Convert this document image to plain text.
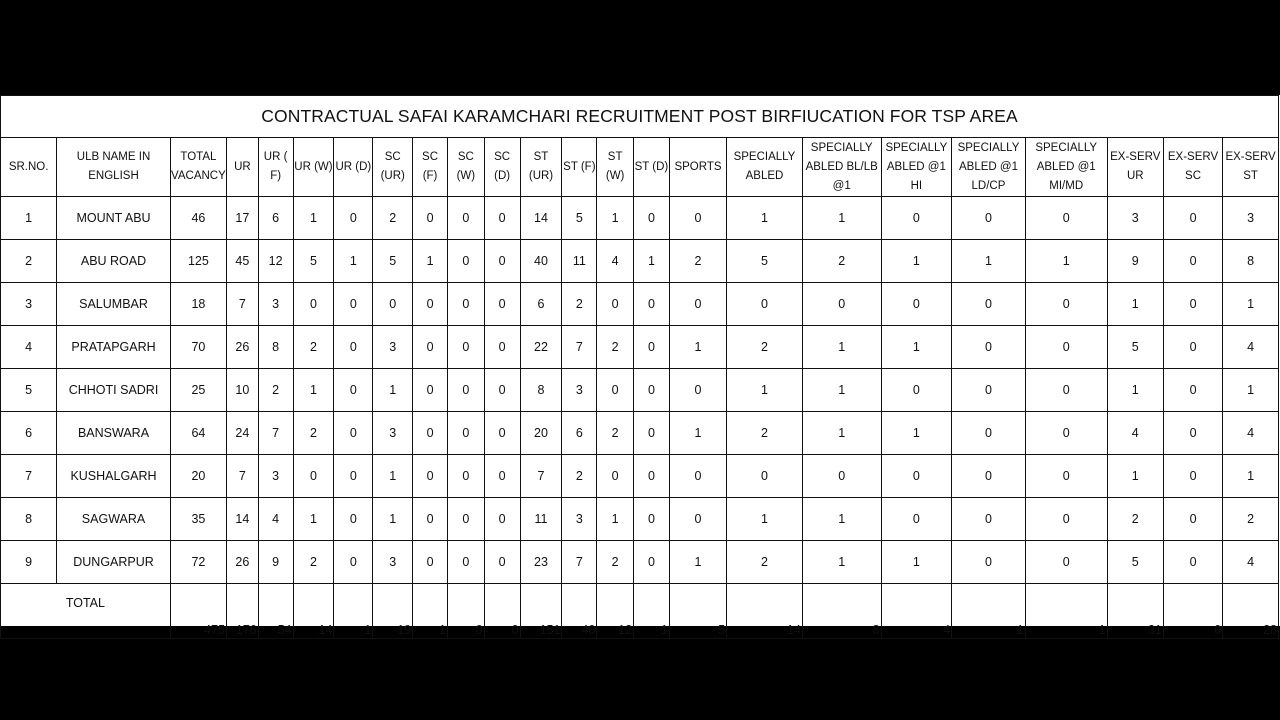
CONTRACTUAL SAFAI KARAMCHARI RECRUITMENT POST BIRFIUCATION FOR TSP AREA																							
SR.NO.	ULB NAME IN ENGLISH	TOTAL VACANCY	UR	UR ( F)	UR (W)	UR (D)	SC (UR)	SC (F)	SC (W)	SC (D)	ST (UR)	ST (F)	ST (W)	ST (D)	SPORTS	SPECIALLY ABLED	SPECIALLY ABLED BL/LB @1	SPECIALLY ABLED @1 HI	SPECIALLY ABLED @1 LD/CP	SPECIALLY ABLED @1 MI/MD	EX-SERV UR	EX-SERV SC	EX-SERV ST
1	MOUNT ABU	46	17	6	1	0	2	0	0	0	14	5	1	0	0	1	1	0	0	0	3	0	3
2	ABU ROAD	125	45	12	5	1	5	1	0	0	40	11	4	1	2	5	2	1	1	1	9	0	8
3	SALUMBAR	18	7	3	0	0	0	0	0	0	6	2	0	0	0	0	0	0	0	0	1	0	1
4	PRATAPGARH	70	26	8	2	0	3	0	0	0	22	7	2	0	1	2	1	1	0	0	5	0	4
5	CHHOTI SADRI	25	10	2	1	0	1	0	0	0	8	3	0	0	0	1	1	0	0	0	1	0	1
6	BANSWARA	64	24	7	2	0	3	0	0	0	20	6	2	0	1	2	1	1	0	0	4	0	4
7	KUSHALGARH	20	7	3	0	0	1	0	0	0	7	2	0	0	0	0	0	0	0	0	1	0	1
8	SAGWARA	35	14	4	1	0	1	0	0	0	11	3	1	0	0	1	1	0	0	0	2	0	2
9	DUNGARPUR	72	26	9	2	0	3	0	0	0	23	7	2	0	1	2	1	1	0	0	5	0	4
TOTAL		475	176	54	14	1	19	1	0	0	151	46	12	1	5	14	8	4	1	1	31	0	28
